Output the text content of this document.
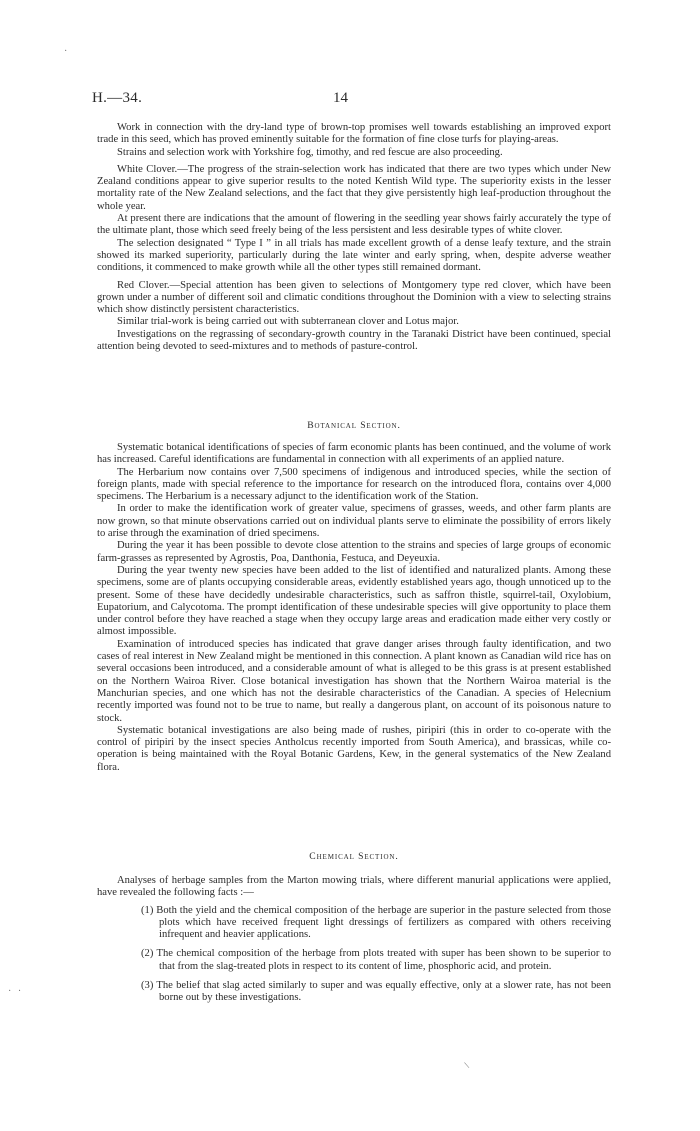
·
H.—34.	14

Work in connection with the dry-land type of brown-top promises well towards establishing an improved export trade in this seed, which has proved eminently suitable for the formation of fine close turfs for playing-areas.

Strains and selection work with Yorkshire fog, timothy, and red fescue are also proceeding.

White Clover.—The progress of the strain-selection work has indicated that there are two types which under New Zealand conditions appear to give superior results to the noted Kentish Wild type. The superiority exists in the lesser mortality rate of the New Zealand selections, and the fact that they give persistently high leaf-production throughout the whole year.

At present there are indications that the amount of flowering in the seedling year shows fairly accurately the type of the ultimate plant, those which seed freely being of the less persistent and less desirable types of white clover.

The selection designated “ Type I ” in all trials has made excellent growth of a dense leafy texture, and the strain showed its marked superiority, particularly during the late winter and early spring, when, despite adverse weather conditions, it commenced to make growth while all the other types still remained dormant.

Red Clover.—Special attention has been given to selections of Montgomery type red clover, which have been grown under a number of different soil and climatic conditions throughout the Dominion with a view to selecting strains which show distinctly persistent characteristics.

Similar trial-work is being carried out with subterranean clover and Lotus major.

Investigations on the regrassing of secondary-growth country in the Taranaki District have been continued, special attention being devoted to seed-mixtures and to methods of pasture-control.

Botanical Section.

Systematic botanical identifications of species of farm economic plants has been continued, and the volume of work has increased. Careful identifications are fundamental in connection with all experiments of an applied nature.

The Herbarium now contains over 7,500 specimens of indigenous and introduced species, while the section of foreign plants, made with special reference to the importance for research on the introduced flora, contains over 4,000 specimens. The Herbarium is a necessary adjunct to the identification work of the Station.

In order to make the identification work of greater value, specimens of grasses, weeds, and other farm plants are now grown, so that minute observations carried out on individual plants serve to eliminate the possibility of errors likely to arise through the examination of dried specimens.

During the year it has been possible to devote close attention to the strains and species of large groups of economic farm-grasses as represented by Agrostis, Poa, Danthonia, Festuca, and Deyeuxia.

During the year twenty new species have been added to the list of identified and naturalized plants. Among these specimens, some are of plants occupying considerable areas, evidently established years ago, though unnoticed up to the present. Some of these have decidedly undesirable characteristics, such as saffron thistle, squirrel-tail, Oxylobium, Eupatorium, and Calycotoma. The prompt identification of these undesirable species will give opportunity to place them under control before they have reached a stage when they occupy large areas and eradication made either very costly or almost impossible.

Examination of introduced species has indicated that grave danger arises through faulty identification, and two cases of real interest in New Zealand might be mentioned in this connection. A plant known as Canadian wild rice has on several occasions been introduced, and a considerable amount of what is alleged to be this grass is at present established on the Northern Wairoa River. Close botanical investigation has shown that the Northern Wairoa material is the Manchurian species, and one which has not the desirable characteristics of the Canadian. A species of Helecnium recently imported was found not to be true to name, but really a dangerous plant, on account of its poisonous nature to stock.

Systematic botanical investigations are also being made of rushes, piripiri (this in order to co-operate with the control of piripiri by the insect species Antholcus recently imported from South America), and brassicas, while co-operation is being maintained with the Royal Botanic Gardens, Kew, in the general systematics of the New Zealand flora.

Chemical Section.

Analyses of herbage samples from the Marton mowing trials, where different manurial applications were applied, have revealed the following facts :—

(1) Both the yield and the chemical composition of the herbage are superior in the pasture selected from those plots which have received frequent light dressings of fertilizers as compared with others receiving infrequent and heavier applications.
(2) The chemical composition of the herbage from plots treated with super has been shown to be superior to that from the slag-treated plots in respect to its content of lime, phosphoric acid, and protein.
(3) The belief that slag acted similarly to super and was equally effective, only at a slower rate, has not been borne out by these investigations.
· ·
/
